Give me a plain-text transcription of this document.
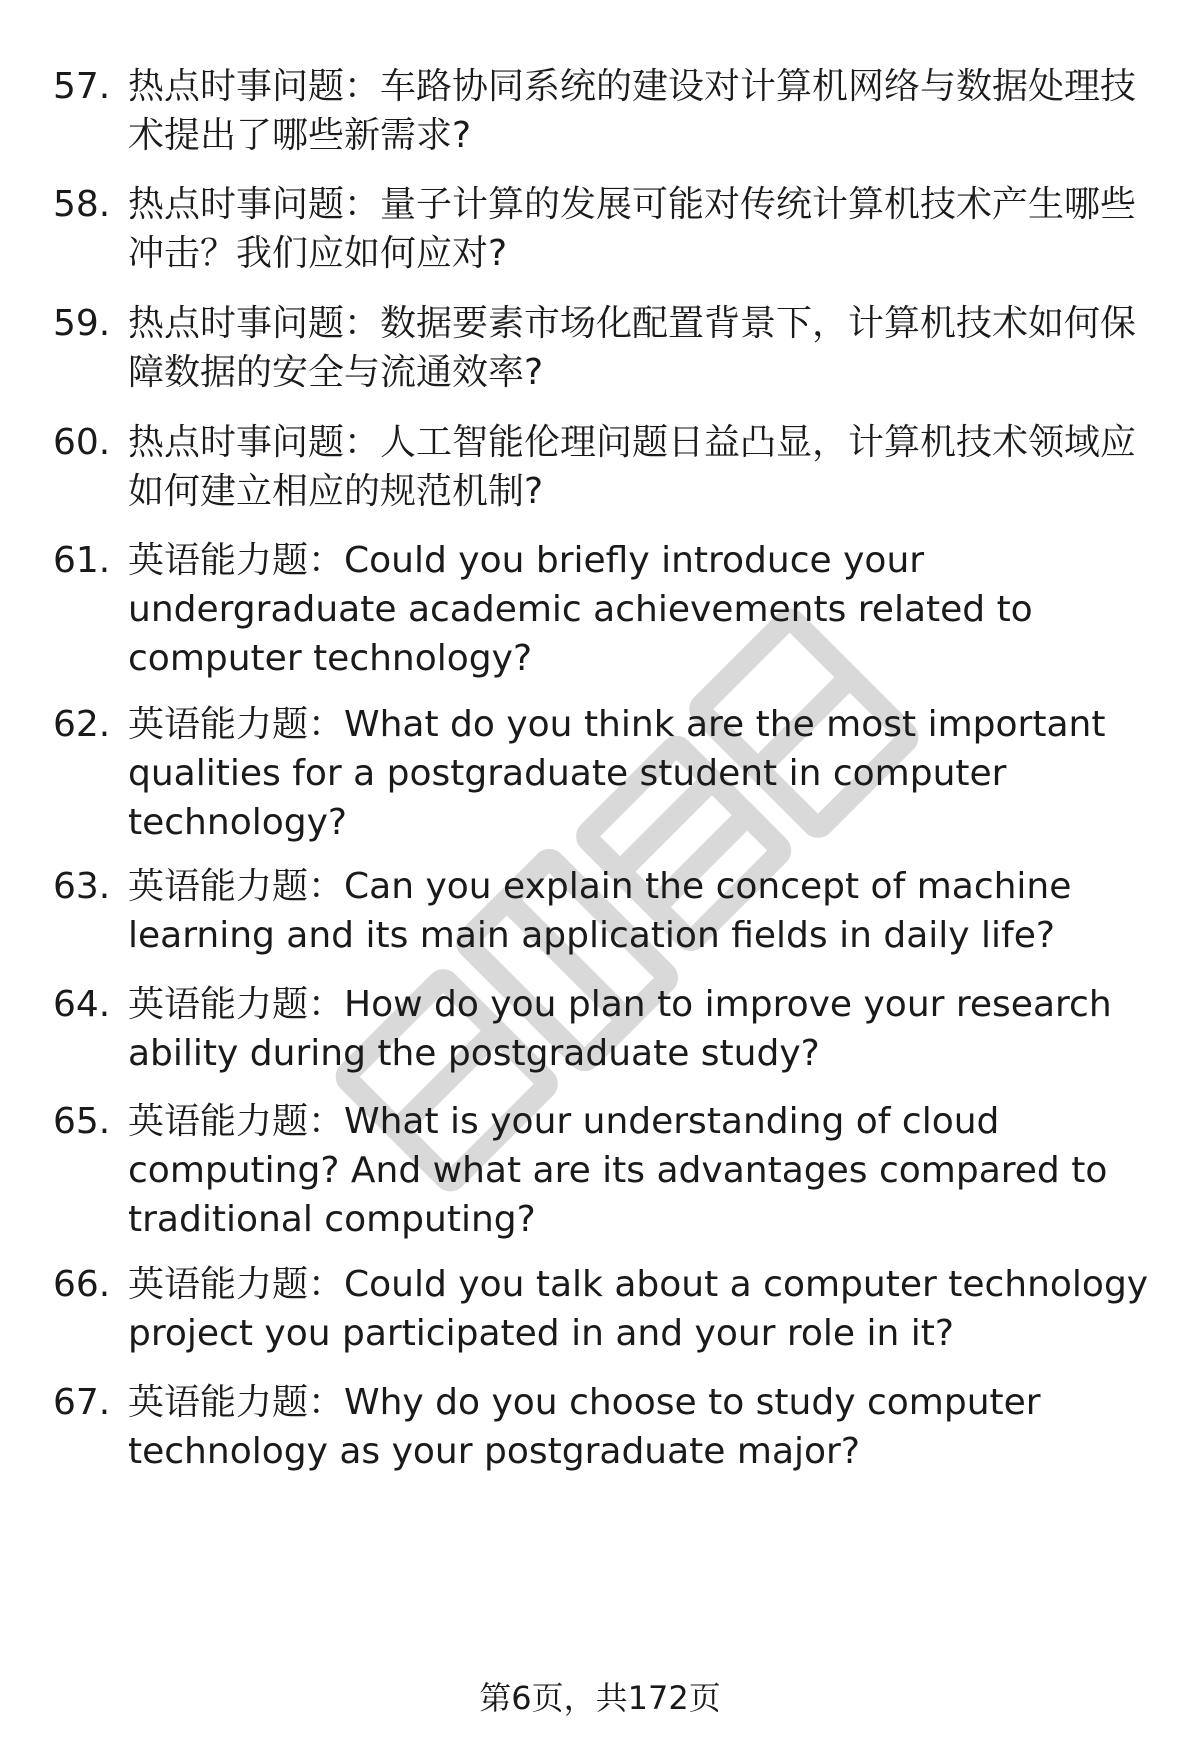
57. 热点时事问题：车路协同系统的建设对计算机网络与数据处理技
术提出了哪些新需求?
58. 热点时事问题：量子计算的发展可能对传统计算机技术产生哪些
冲击？我们应如何应对?
59. 热点时事问题：数据要素市场化配置背景下，计算机技术如何保
障数据的安全与流通效率?
60. 热点时事问题：人工智能伦理问题日益凸显，计算机技术领域应
如何建立相应的规范机制?
61. 英语能力题：Could you briefly introduce your
undergraduate academic achievements related to
computer technology?
62. 英语能力题：What do you think are the most important
qualities for a postgraduate student in computer
technology?
63. 英语能力题：Can you explain the concept of machine
learning and its main application fields in daily life?
64. 英语能力题：How do you plan to improve your research
ability during the postgraduate study?
65. 英语能力题：What is your understanding of cloud
computing? And what are its advantages compared to
traditional computing?
66. 英语能力题：Could you talk about a computer technology
project you participated in and your role in it?
67. 英语能力题：Why do you choose to study computer
technology as your postgraduate major?
第6页，共172页
